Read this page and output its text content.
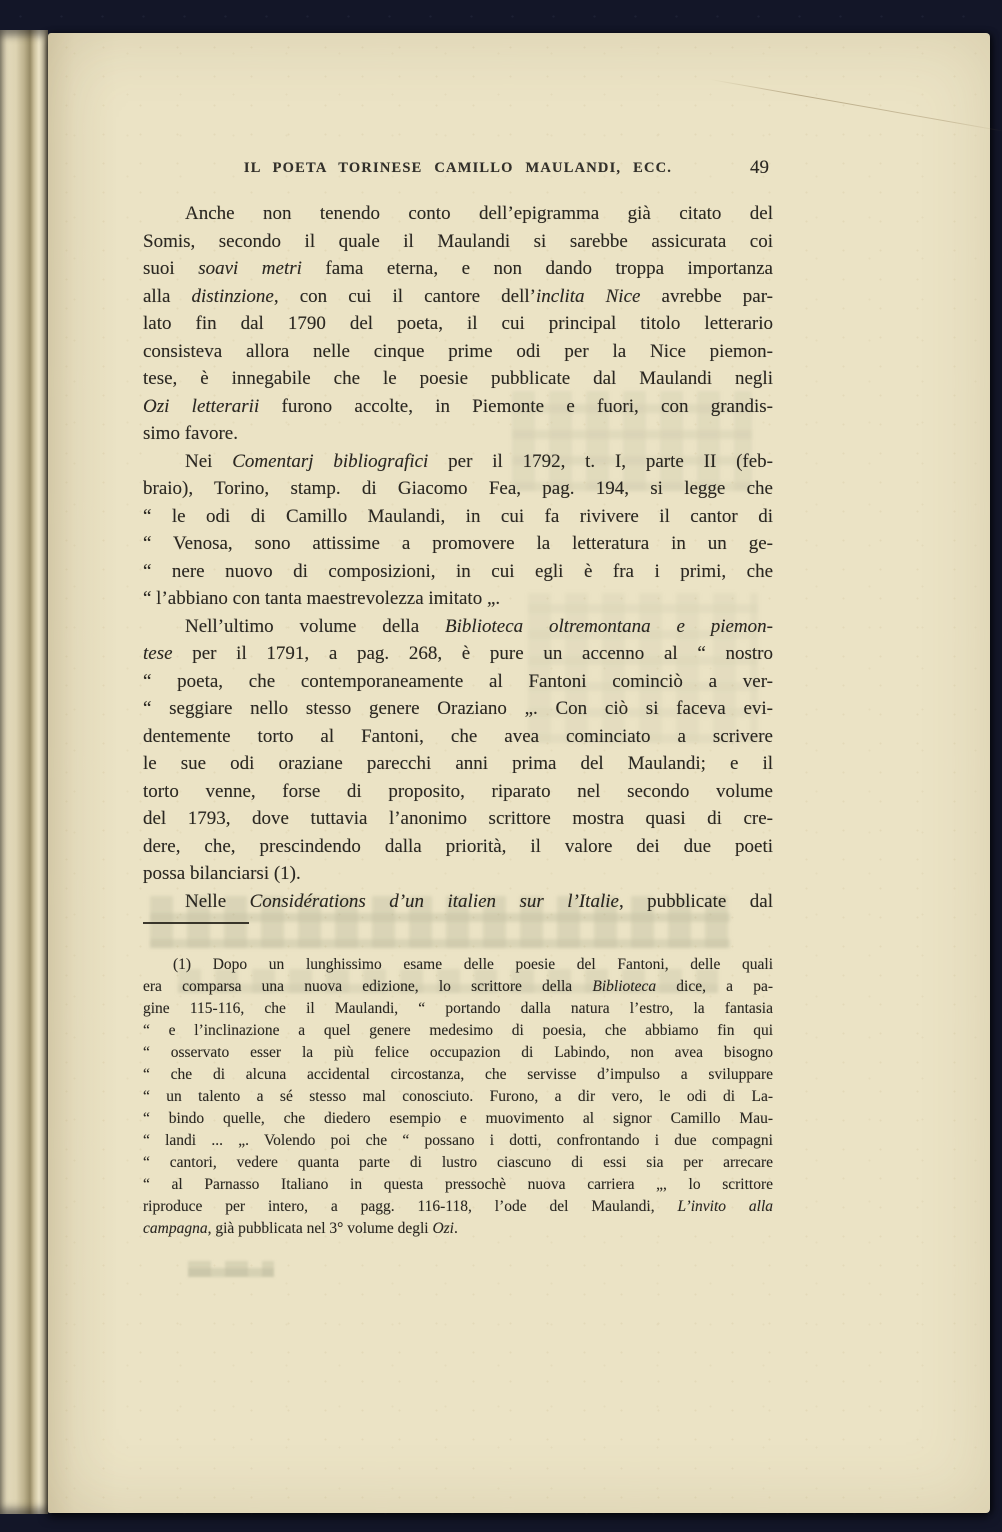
IL POETA TORINESE CAMILLO MAULANDI, ECC.	49
Anche non tenendo conto dell’epigramma già citato del
Somis, secondo il quale il Maulandi si sarebbe assicurata coi
suoi soavi metri fama eterna, e non dando troppa importanza
alla distinzione, con cui il cantore dell’inclita Nice avrebbe par-
lato fin dal 1790 del poeta, il cui principal titolo letterario
consisteva allora nelle cinque prime odi per la Nice piemon-
tese, è innegabile che le poesie pubblicate dal Maulandi negli
Ozi letterarii furono accolte, in Piemonte e fuori, con grandis-
simo favore.
Nei Comentarj bibliografici per il 1792, t. I, parte II (feb-
braio), Torino, stamp. di Giacomo Fea, pag. 194, si legge che
“ le odi di Camillo Maulandi, in cui fa rivivere il cantor di
“ Venosa, sono attissime a promovere la letteratura in un ge-
“ nere nuovo di composizioni, in cui egli è fra i primi, che
“ l’abbiano con tanta maestrevolezza imitato „.
Nell’ultimo volume della Biblioteca oltremontana e piemon-
tese per il 1791, a pag. 268, è pure un accenno al “ nostro
“ poeta, che contemporaneamente al Fantoni cominciò a ver-
“ seggiare nello stesso genere Oraziano „. Con ciò si faceva evi-
dentemente torto al Fantoni, che avea cominciato a scrivere
le sue odi oraziane parecchi anni prima del Maulandi; e il
torto venne, forse di proposito, riparato nel secondo volume
del 1793, dove tuttavia l’anonimo scrittore mostra quasi di cre-
dere, che, prescindendo dalla priorità, il valore dei due poeti
possa bilanciarsi (1).
Nelle Considérations d’un italien sur l’Italie, pubblicate dal
(1) Dopo un lunghissimo esame delle poesie del Fantoni, delle quali
era comparsa una nuova edizione, lo scrittore della Biblioteca dice, a pa-
gine 115-116, che il Maulandi, “ portando dalla natura l’estro, la fantasia
“ e l’inclinazione a quel genere medesimo di poesia, che abbiamo fin qui
“ osservato esser la più felice occupazion di Labindo, non avea bisogno
“ che di alcuna accidental circostanza, che servisse d’impulso a sviluppare
“ un talento a sé stesso mal conosciuto. Furono, a dir vero, le odi di La-
“ bindo quelle, che diedero esempio e muovimento al signor Camillo Mau-
“ landi ... „. Volendo poi che “ possano i dotti, confrontando i due compagni
“ cantori, vedere quanta parte di lustro ciascuno di essi sia per arrecare
“ al Parnasso Italiano in questa pressochè nuova carriera „, lo scrittore
riproduce per intero, a pagg. 116-118, l’ode del Maulandi, L’invito alla
campagna, già pubblicata nel 3° volume degli Ozi.
